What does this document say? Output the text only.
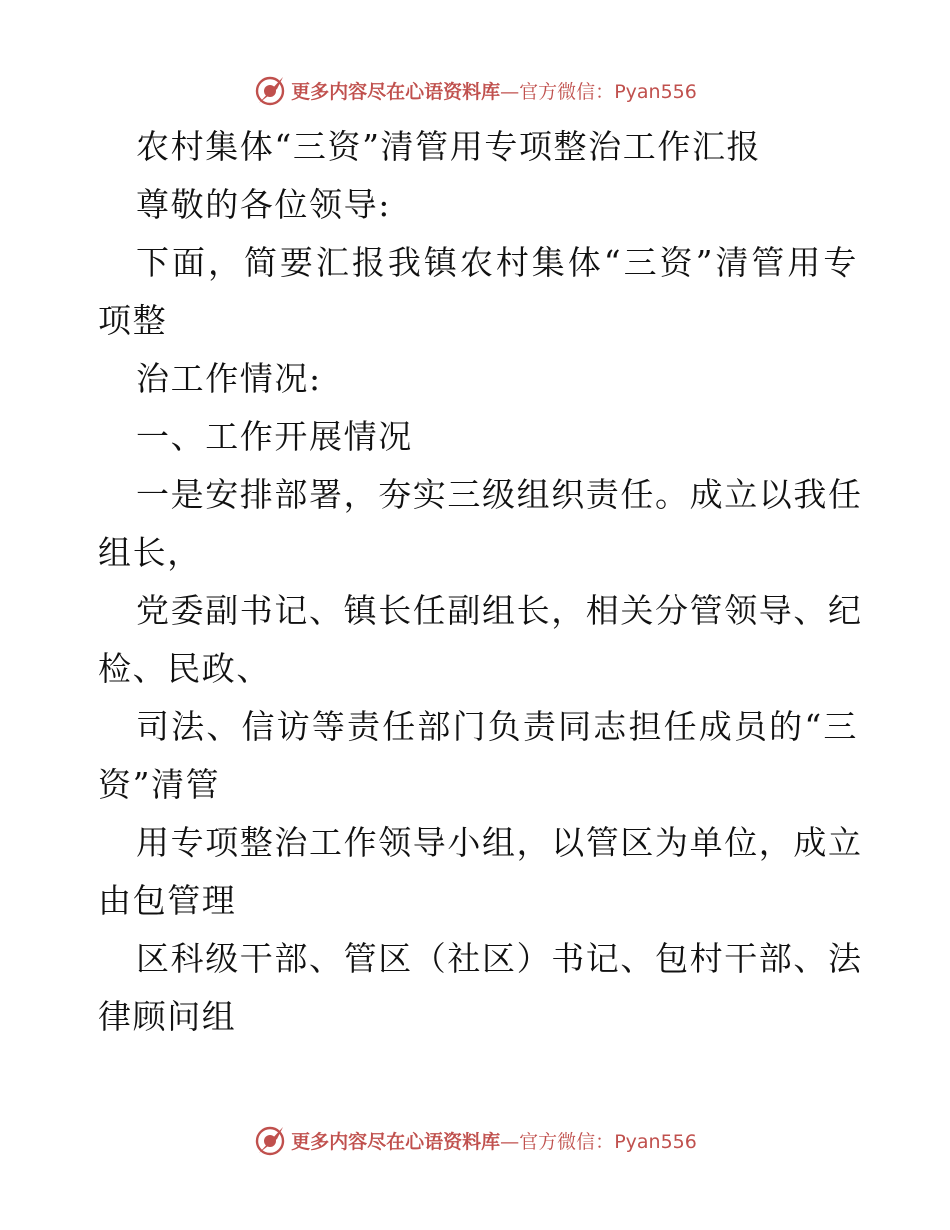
更多内容尽在心语资料库—官方微信：Pyan556
农村集体“三资”清管用专项整治工作汇报
尊敬的各位领导:
下面，简要汇报我镇农村集体“三资”清管用专
项整
治工作情况:
一、工作开展情况
一是安排部署，夯实三级组织责任。成立以我任
组长，
党委副书记、镇长任副组长，相关分管领导、纪
检、民政、
司法、信访等责任部门负责同志担任成员的“三
资”清管
用专项整治工作领导小组，以管区为单位，成立
由包管理
区科级干部、管区（社区）书记、包村干部、法
律顾问组
更多内容尽在心语资料库—官方微信：Pyan556
